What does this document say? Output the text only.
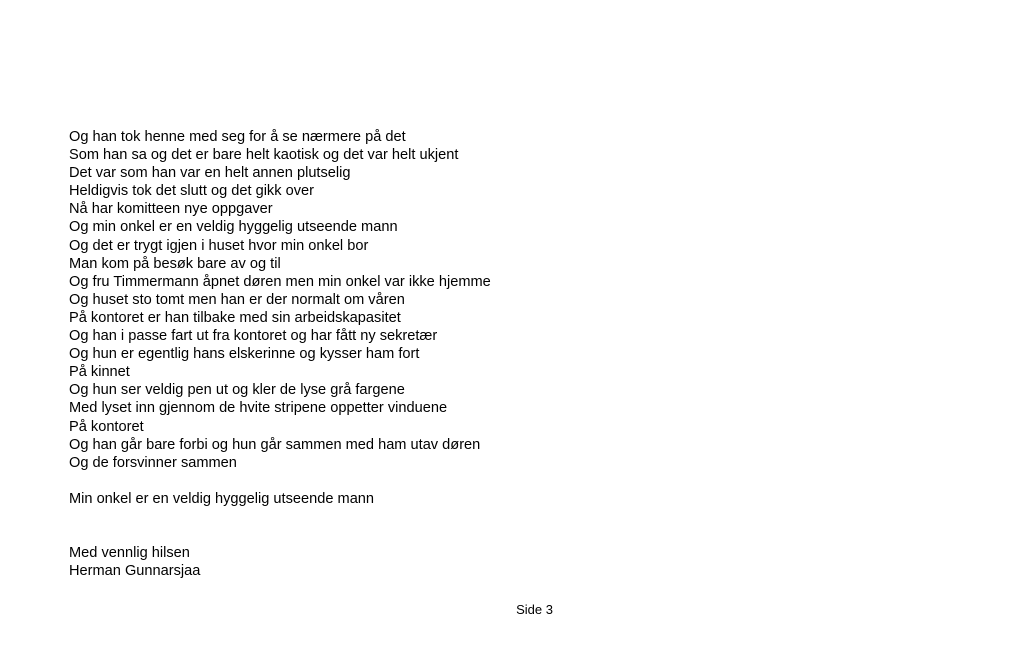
Og han tok henne med seg for å se nærmere på det
Som han sa og det er bare helt kaotisk og det var helt ukjent
Det var som han var en helt annen plutselig
Heldigvis tok det slutt og det gikk over
Nå har komitteen nye oppgaver
Og min onkel er en veldig hyggelig utseende mann
Og det er trygt igjen i huset hvor min onkel bor
Man kom på besøk bare av og til
Og fru Timmermann åpnet døren men min onkel var ikke hjemme
Og huset sto tomt men han er der normalt om våren
På kontoret er han tilbake med sin arbeidskapasitet
Og han i passe fart ut fra kontoret og har fått ny sekretær
Og hun er egentlig hans elskerinne og kysser ham fort
På kinnet
Og hun ser veldig pen ut og kler de lyse grå fargene
Med lyset inn gjennom de hvite stripene oppetter vinduene
På kontoret
Og han går bare forbi og hun går sammen med ham utav døren
Og de forsvinner sammen
Min onkel er en veldig hyggelig utseende mann
Med vennlig hilsen
Herman Gunnarsjaa
Side 3
